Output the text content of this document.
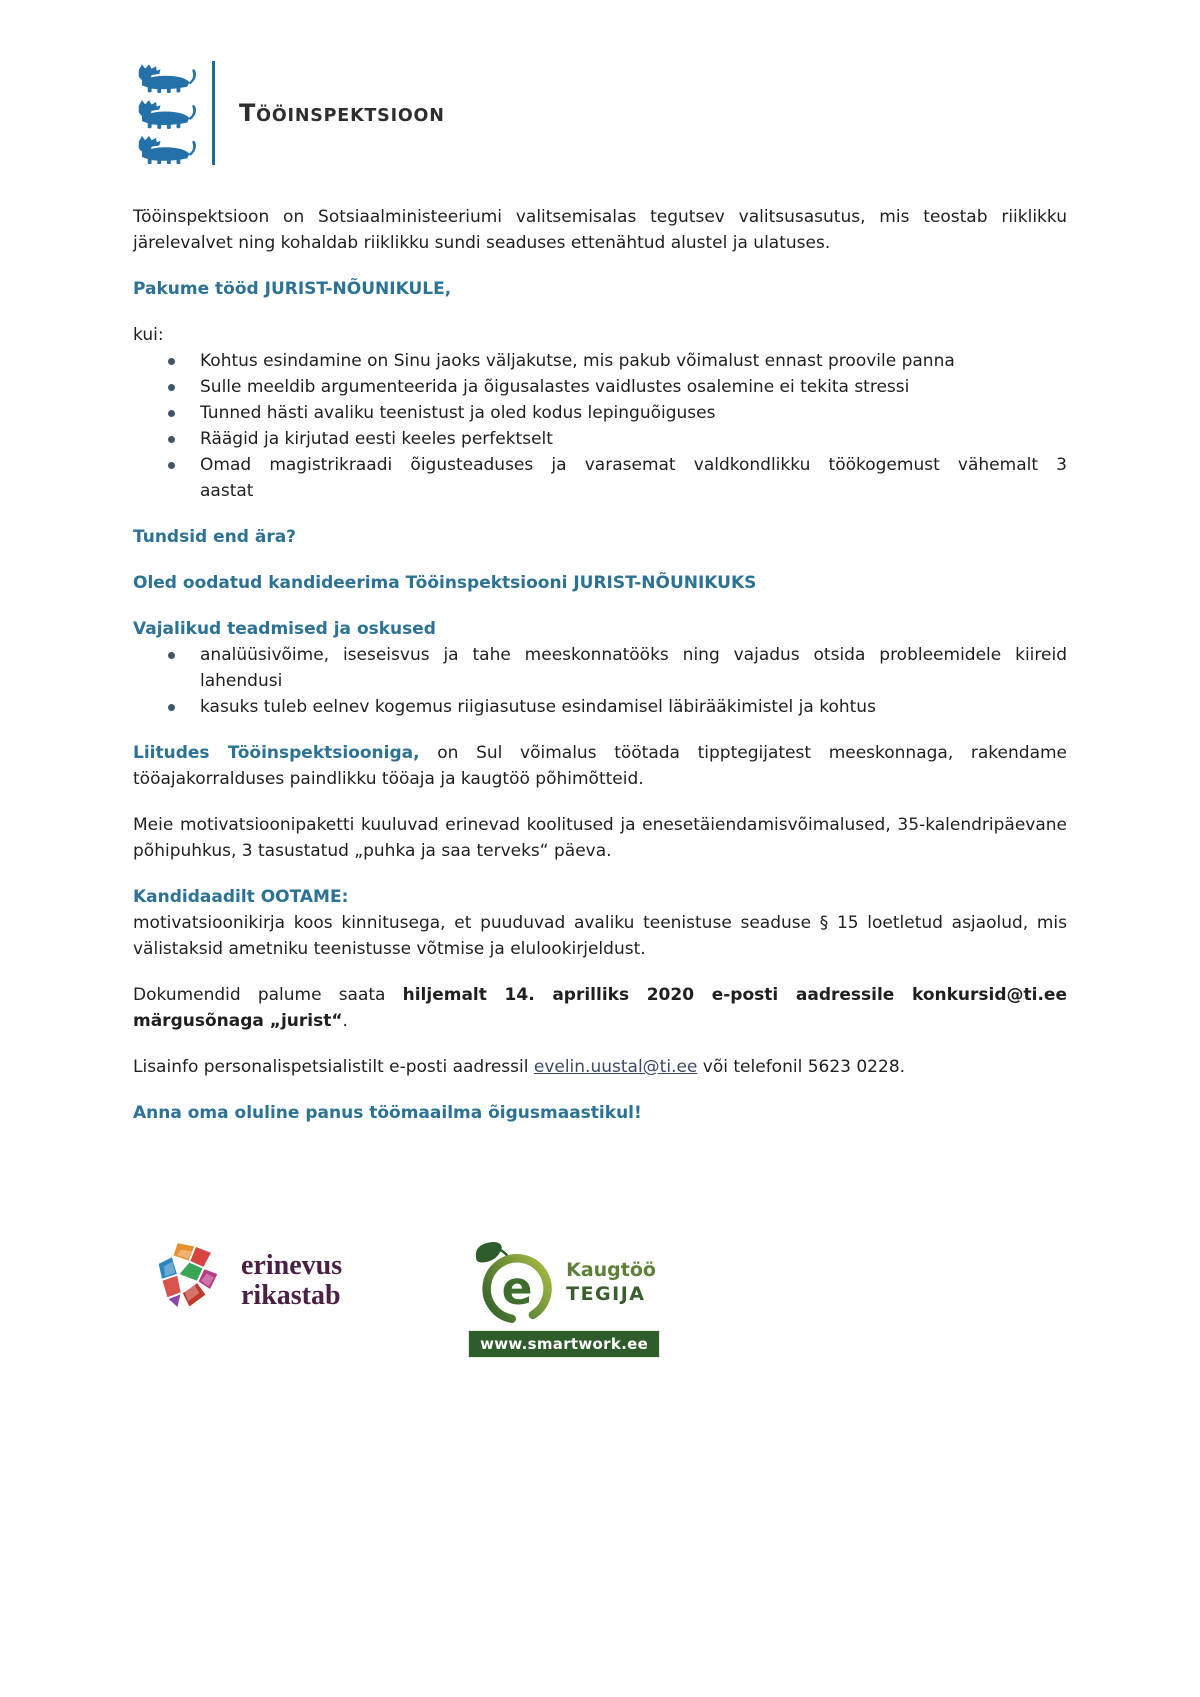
TÖÖINSPEKTSIOON

Tööinspektsioon on Sotsiaalministeeriumi valitsemisalas tegutsev valitsusasutus, mis teostab riiklikku järelevalvet ning kohaldab riiklikku sundi seaduses ettenähtud alustel ja ulatuses.

Pakume tööd JURIST-NÕUNIKULE,

kui:

Kohtus esindamine on Sinu jaoks väljakutse, mis pakub võimalust ennast proovile panna
Sulle meeldib argumenteerida ja õigusalastes vaidlustes osalemine ei tekita stressi
Tunned hästi avaliku teenistust ja oled kodus lepinguõiguses
Räägid ja kirjutad eesti keeles perfektselt
Omad magistrikraadi õigusteaduses ja varasemat valdkondlikku töökogemust vähemalt 3 aastat
Tundsid end ära?
Oled oodatud kandideerima Tööinspektsiooni JURIST-NÕUNIKUKS

Vajalikud teadmised ja oskused

analüüsivõime, iseseisvus ja tahe meeskonnatööks ning vajadus otsida probleemidele kiireid lahendusi
kasuks tuleb eelnev kogemus riigiasutuse esindamisel läbirääkimistel ja kohtus

Liitudes Tööinspektsiooniga, on Sul võimalus töötada tipptegijatest meeskonnaga, rakendame tööajakorralduses paindlikku tööaja ja kaugtöö põhimõtteid.

Meie motivatsioonipaketti kuuluvad erinevad koolitused ja enesetäiendamisvõimalused, 35-kalendripäevane põhipuhkus, 3 tasustatud „puhka ja saa terveks“ päeva.

Kandidaadilt OOTAME:

motivatsioonikirja koos kinnitusega, et puuduvad avaliku teenistuse seaduse § 15 loetletud asjaolud, mis välistaksid ametniku teenistusse võtmise ja elulookirjeldust.

Dokumendid palume saata hiljemalt 14. aprilliks 2020 e-posti aadressile konkursid@ti.ee märgusõnaga „jurist“.

Lisainfo personalispetsialistilt e-posti aadressil evelin.uustal@ti.ee või telefonil 5623 0228.

Anna oma oluline panus töömaailma õigusmaastikul!
erinevus
rikastab	e Kaugtöö
TEGIJA
www.smartwork.ee
